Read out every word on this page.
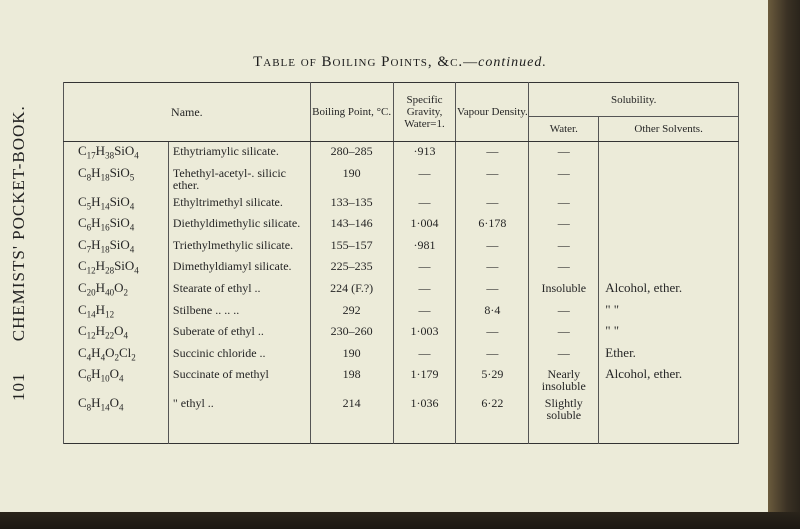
101 CHEMISTS' POCKET-BOOK.
Table of Boiling Points, &c.—continued.
Name.		Boiling Point, °C.	Specific Gravity, Water=1.	Vapour Density.	Solubility.	
					Water.	Other Solvents.
$C_{17}H_{38}SiO_4$	Ethytriamylic silicate.	280–285	·913	—	—	
$C_8H_{18}SiO_5$	Tehethyl-acetyl-. silicic ether.	190	—	—	—	
$C_5H_{14}SiO_4$	Ethyltrimethyl silicate.	133–135	—	—	—	
$C_6H_{16}SiO_4$	Diethyldimethylic silicate.	143–146	1·004	6·178	—	
$C_7H_{18}SiO_4$	Triethylmethylic silicate.	155–157	·981	—	—	
$C_{12}H_{28}SiO_4$	Dimethyldiamyl silicate.	225–235	—	—	—	
$C_{20}H_{40}O_2$	Stearate of ethyl ..	224 (F.?)	—	—	Insoluble	Alcohol, ether.
$C_{14}H_{12}$	Stilbene .. .. ..	292	—	8·4	—	" "
$C_{12}H_{22}O_4$	Suberate of ethyl ..	230–260	1·003	—	—	" "
$C_4H_4O_2Cl_2$	Succinic chloride ..	190	—	—	—	Ether.
$C_6H_{10}O_4$	Succinate of methyl	198	1·179	5·29	Nearly insoluble	Alcohol, ether.
$C_8H_{14}O_4$	" ethyl ..	214	1·036	6·22	Slightly soluble	
